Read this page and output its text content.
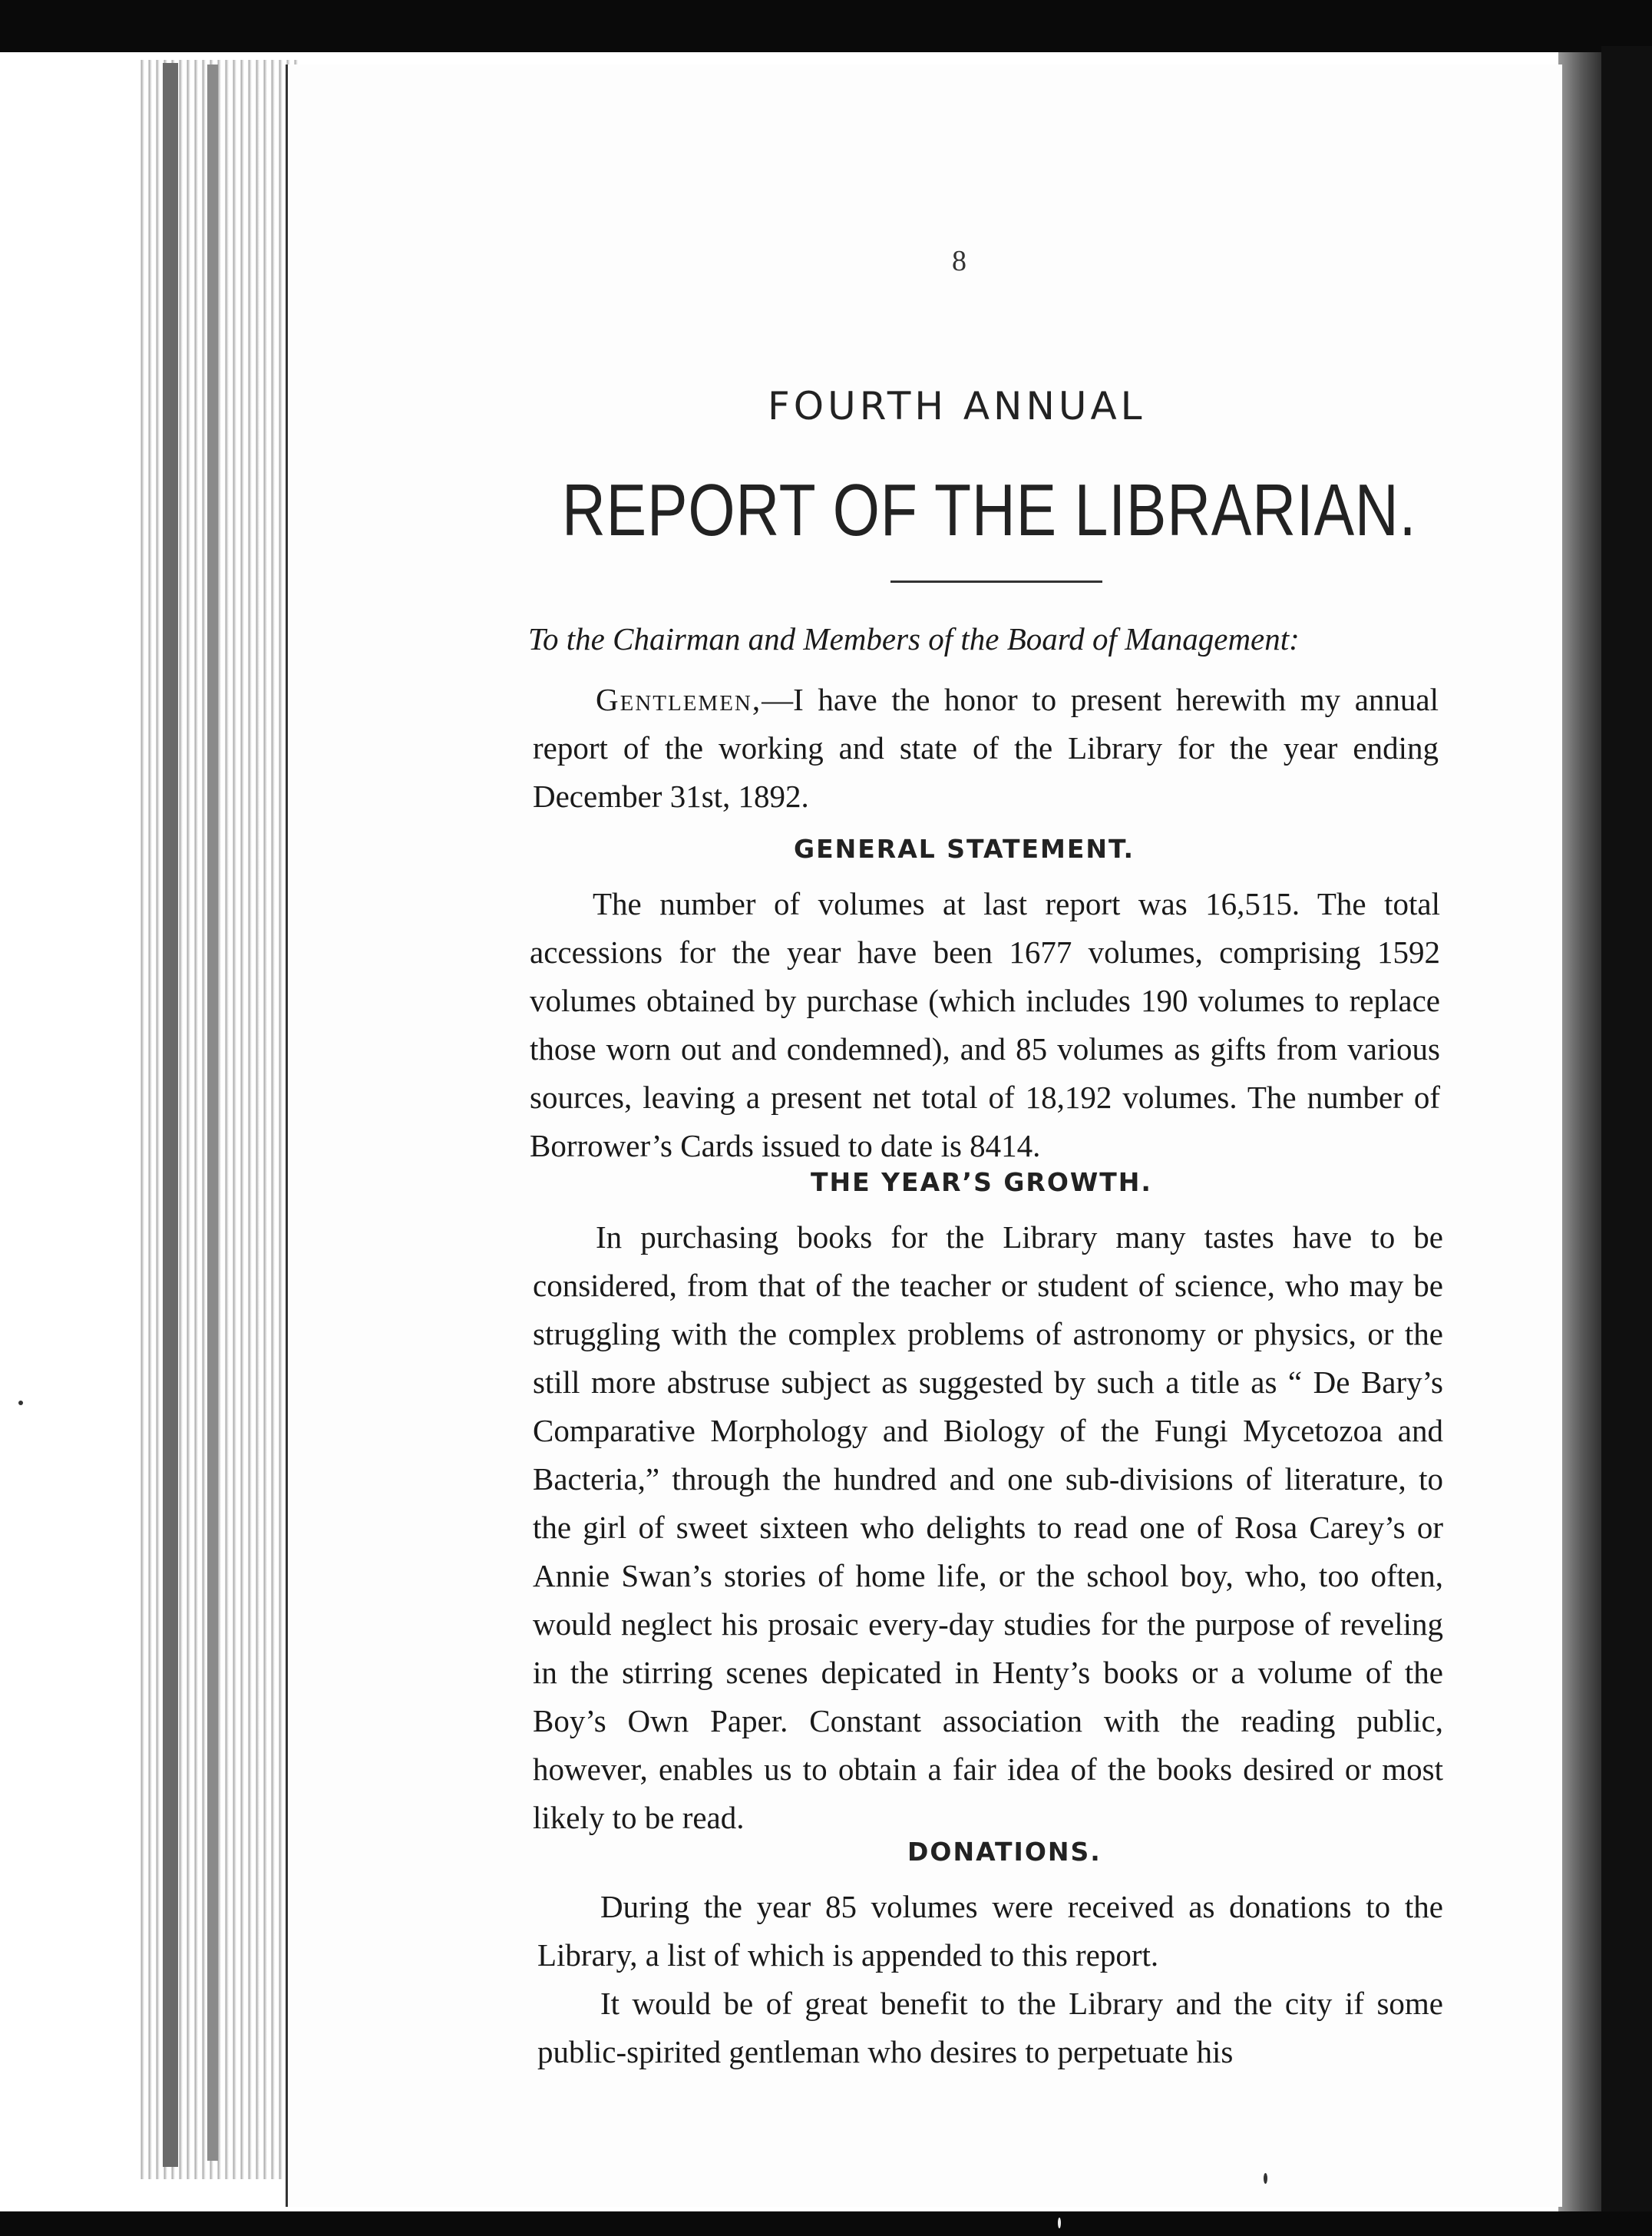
8
FOURTH ANNUAL
REPORT OF THE LIBRARIAN.
To the Chairman and Members of the Board of Management:
Gentlemen,—I have the honor to present herewith my annual report of the working and state of the Library for the year ending December 31st, 1892.
GENERAL STATEMENT.
The number of volumes at last report was 16,515. The total accessions for the year have been 1677 volumes, comprising 1592 volumes obtained by purchase (which includes 190 volumes to replace those worn out and condemned), and 85 volumes as gifts from various sources, leaving a present net total of 18,192 volumes. The number of Borrower’s Cards issued to date is 8414.
THE YEAR’S GROWTH.
In purchasing books for the Library many tastes have to be considered, from that of the teacher or student of science, who may be struggling with the complex problems of astronomy or physics, or the still more abstruse subject as suggested by such a title as “ De Bary’s Comparative Morphology and Biology of the Fungi Mycetozoa and Bacteria,” through the hundred and one sub-divisions of literature, to the girl of sweet sixteen who delights to read one of Rosa Carey’s or Annie Swan’s stories of home life, or the school boy, who, too often, would neglect his prosaic every-day studies for the purpose of reveling in the stirring scenes depicated in Henty’s books or a volume of the Boy’s Own Paper. Constant association with the reading public, however, enables us to obtain a fair idea of the books desired or most likely to be read.
DONATIONS.
During the year 85 volumes were received as donations to the Library, a list of which is appended to this report.
It would be of great benefit to the Library and the city if some public-spirited gentleman who desires to perpetuate his
